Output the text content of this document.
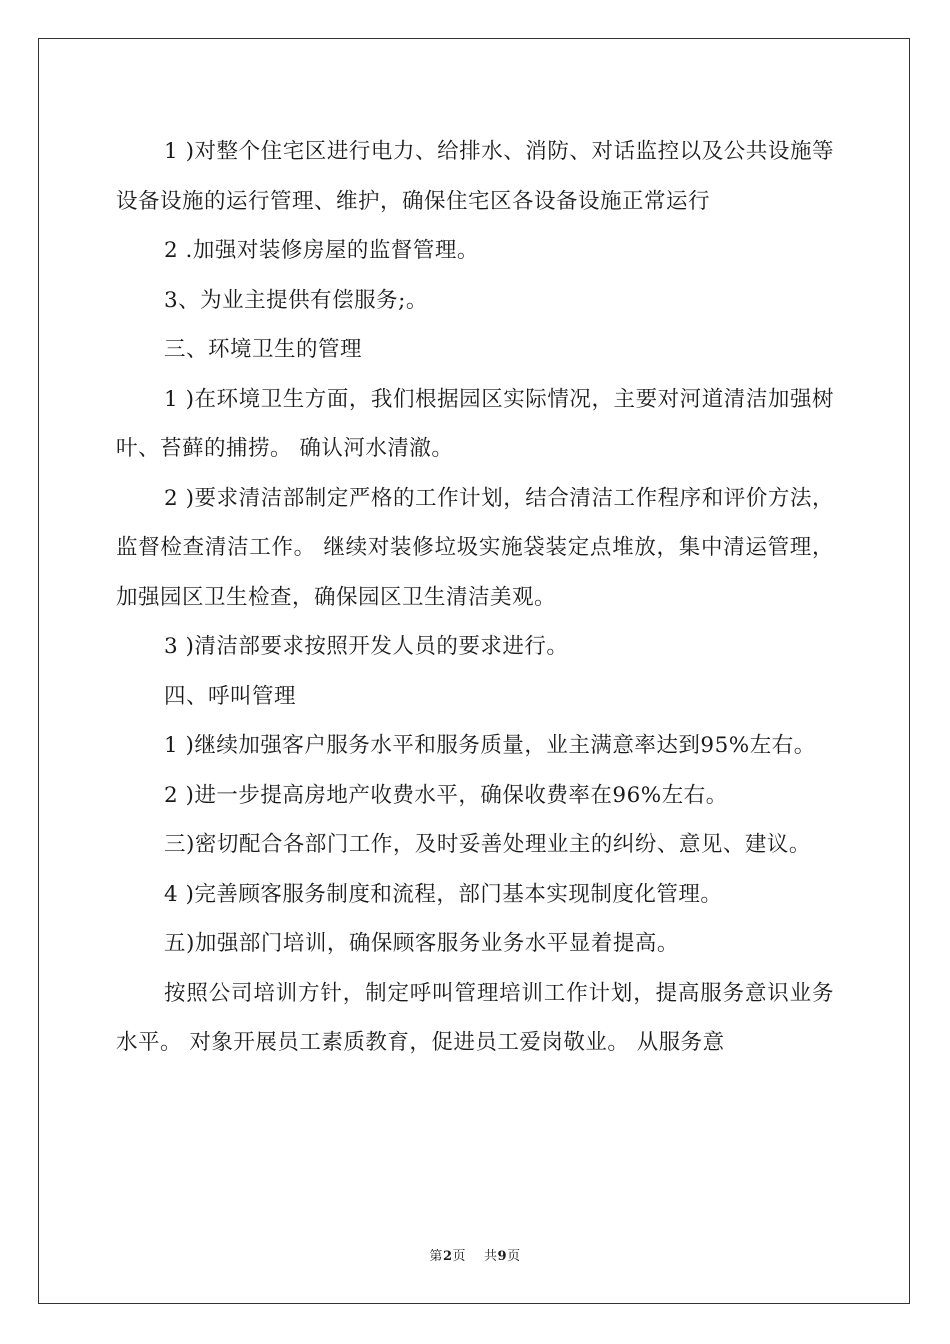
1 )对整个住宅区进行电力、给排水、消防、对话监控以及公共设施等设备设施的运行管理、维护，确保住宅区各设备设施正常运行

2 .加强对装修房屋的监督管理。

3、为业主提供有偿服务;。

三、环境卫生的管理

1 )在环境卫生方面，我们根据园区实际情况，主要对河道清洁加强树叶、苔藓的捕捞。 确认河水清澈。

2 )要求清洁部制定严格的工作计划，结合清洁工作程序和评价方法，监督检查清洁工作。 继续对装修垃圾实施袋装定点堆放，集中清运管理，加强园区卫生检查，确保园区卫生清洁美观。

3 )清洁部要求按照开发人员的要求进行。

四、呼叫管理

1 )继续加强客户服务水平和服务质量，业主满意率达到95%左右。

2 )进一步提高房地产收费水平，确保收费率在96%左右。

三)密切配合各部门工作，及时妥善处理业主的纠纷、意见、建议。

4 )完善顾客服务制度和流程，部门基本实现制度化管理。

五)加强部门培训，确保顾客服务业务水平显着提高。

按照公司培训方针，制定呼叫管理培训工作计划，提高服务意识业务水平。 对象开展员工素质教育，促进员工爱岗敬业。 从服务意

第2页 共9页
